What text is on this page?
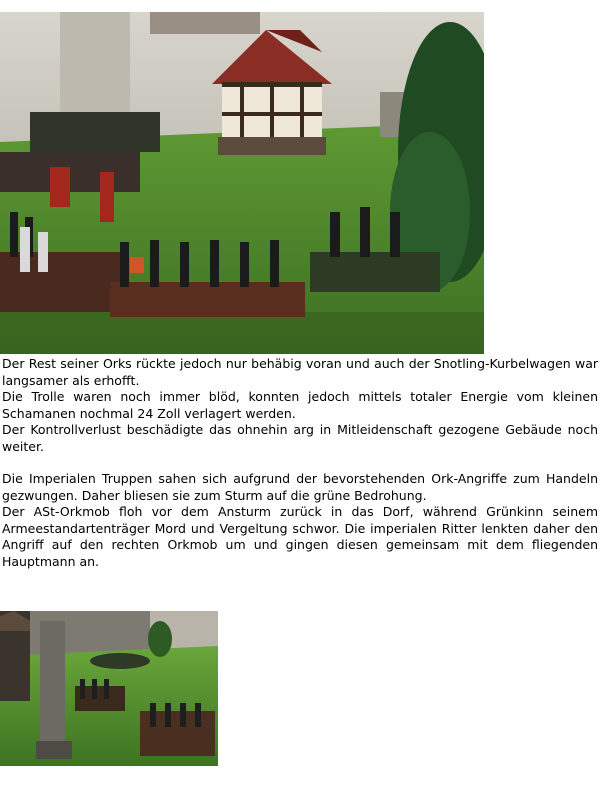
Der Rest seiner Orks rückte jedoch nur behäbig voran und auch der Snotling-Kurbelwagen war langsamer als erhofft.

Die Trolle waren noch immer blöd, konnten jedoch mittels totaler Energie vom kleinen Schamanen nochmal 24 Zoll verlagert werden.

Der Kontrollverlust beschädigte das ohnehin arg in Mitleidenschaft gezogene Gebäude noch weiter.

Die Imperialen Truppen sahen sich aufgrund der bevorstehenden Ork-Angriffe zum Handeln gezwungen. Daher bliesen sie zum Sturm auf die grüne Bedrohung.

Der ASt-Orkmob floh vor dem Ansturm zurück in das Dorf, während Grünkinn seinem Armeestandartenträger Mord und Vergeltung schwor. Die imperialen Ritter lenkten daher den Angriff auf den rechten Orkmob um und gingen diesen gemeinsam mit dem fliegenden Hauptmann an.
